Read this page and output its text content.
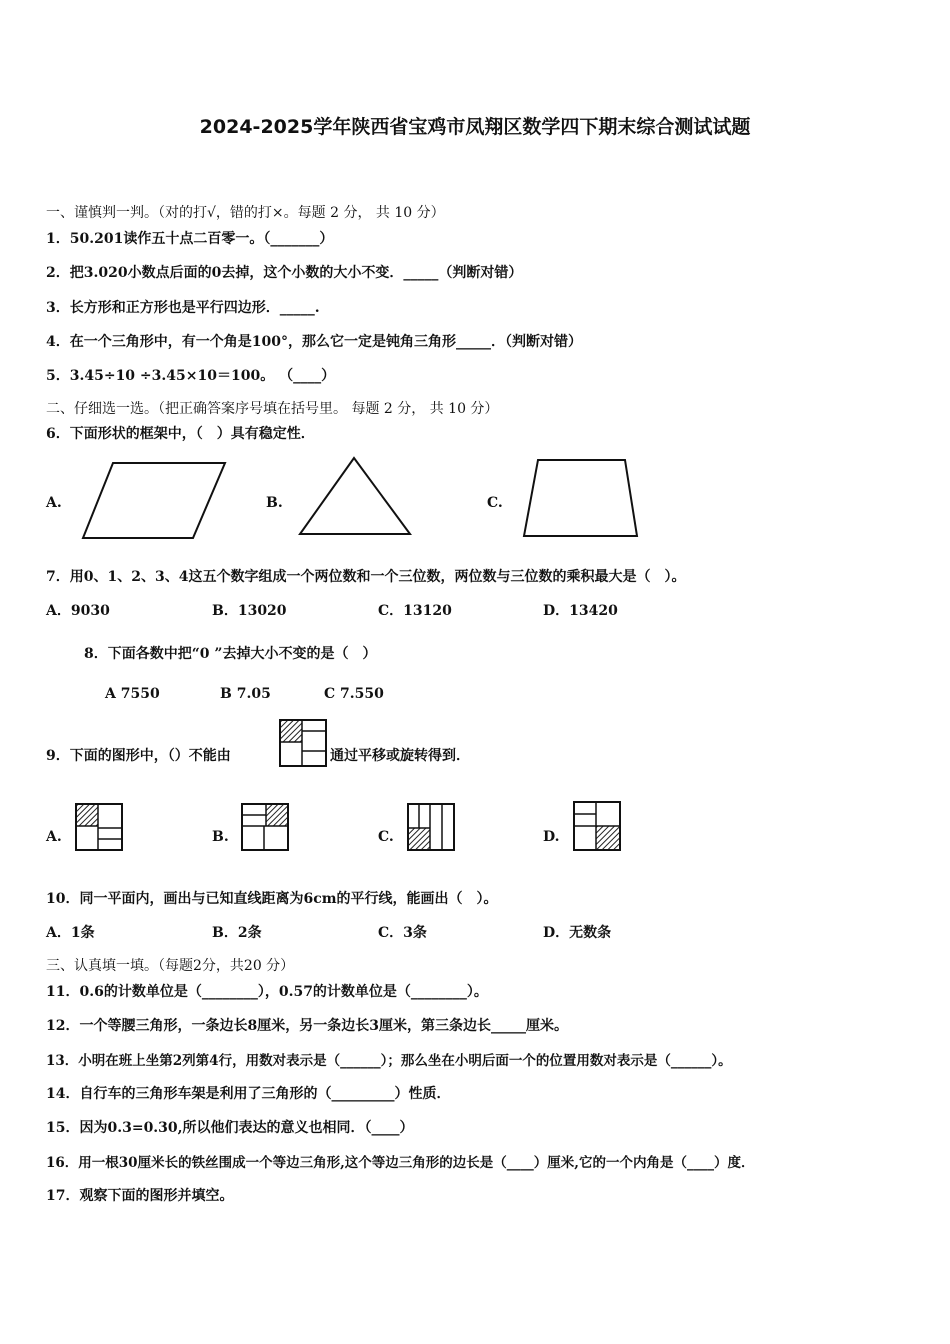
2024-2025学年陕西省宝鸡市凤翔区数学四下期末综合测试试题
一、谨慎判一判。（对的打√，错的打×。每题 2 分， 共 10 分）
1．50.201读作五十点二百零一。（_______）
2．把3.020小数点后面的0去掉，这个小数的大小不变．_____（判断对错）
3．长方形和正方形也是平行四边形．_____.
4．在一个三角形中，有一个角是100°，那么它一定是钝角三角形_____．（判断对错）
5．3.45÷10 ÷3.45×10＝100。 （____）
二、仔细选一选。（把正确答案序号填在括号里。 每题 2 分， 共 10 分）
6．下面形状的框架中，（　）具有稳定性．
A.	B.	C.
7．用0、1、2、3、4这五个数字组成一个两位数和一个三位数，两位数与三位数的乘积最大是（　）。
A．9030	B．13020	C．13120	D．13420
8．下面各数中把“0 ”去掉大小不变的是（　）
A 7550	B 7.05	C 7.550
9．下面的图形中，（）不能由	通过平移或旋转得到．
A.	B.	C.	D.
10．同一平面内，画出与已知直线距离为6cm的平行线，能画出（　）。
A．1条	B．2条	C．3条	D．无数条
三、认真填一填。（每题2分，共20 分）
11．0.6的计数单位是（________），0.57的计数单位是（________）。
12．一个等腰三角形，一条边长8厘米，另一条边长3厘米，第三条边长_____厘米。
13．小明在班上坐第2列第4行，用数对表示是（______）；那么坐在小明后面一个的位置用数对表示是（______）。
14．自行车的三角形车架是利用了三角形的（_________）性质．
15．因为0.3=0.30,所以他们表达的意义也相同．（____）
16．用一根30厘米长的铁丝围成一个等边三角形,这个等边三角形的边长是（____）厘米,它的一个内角是（____）度．
17．观察下面的图形并填空。
